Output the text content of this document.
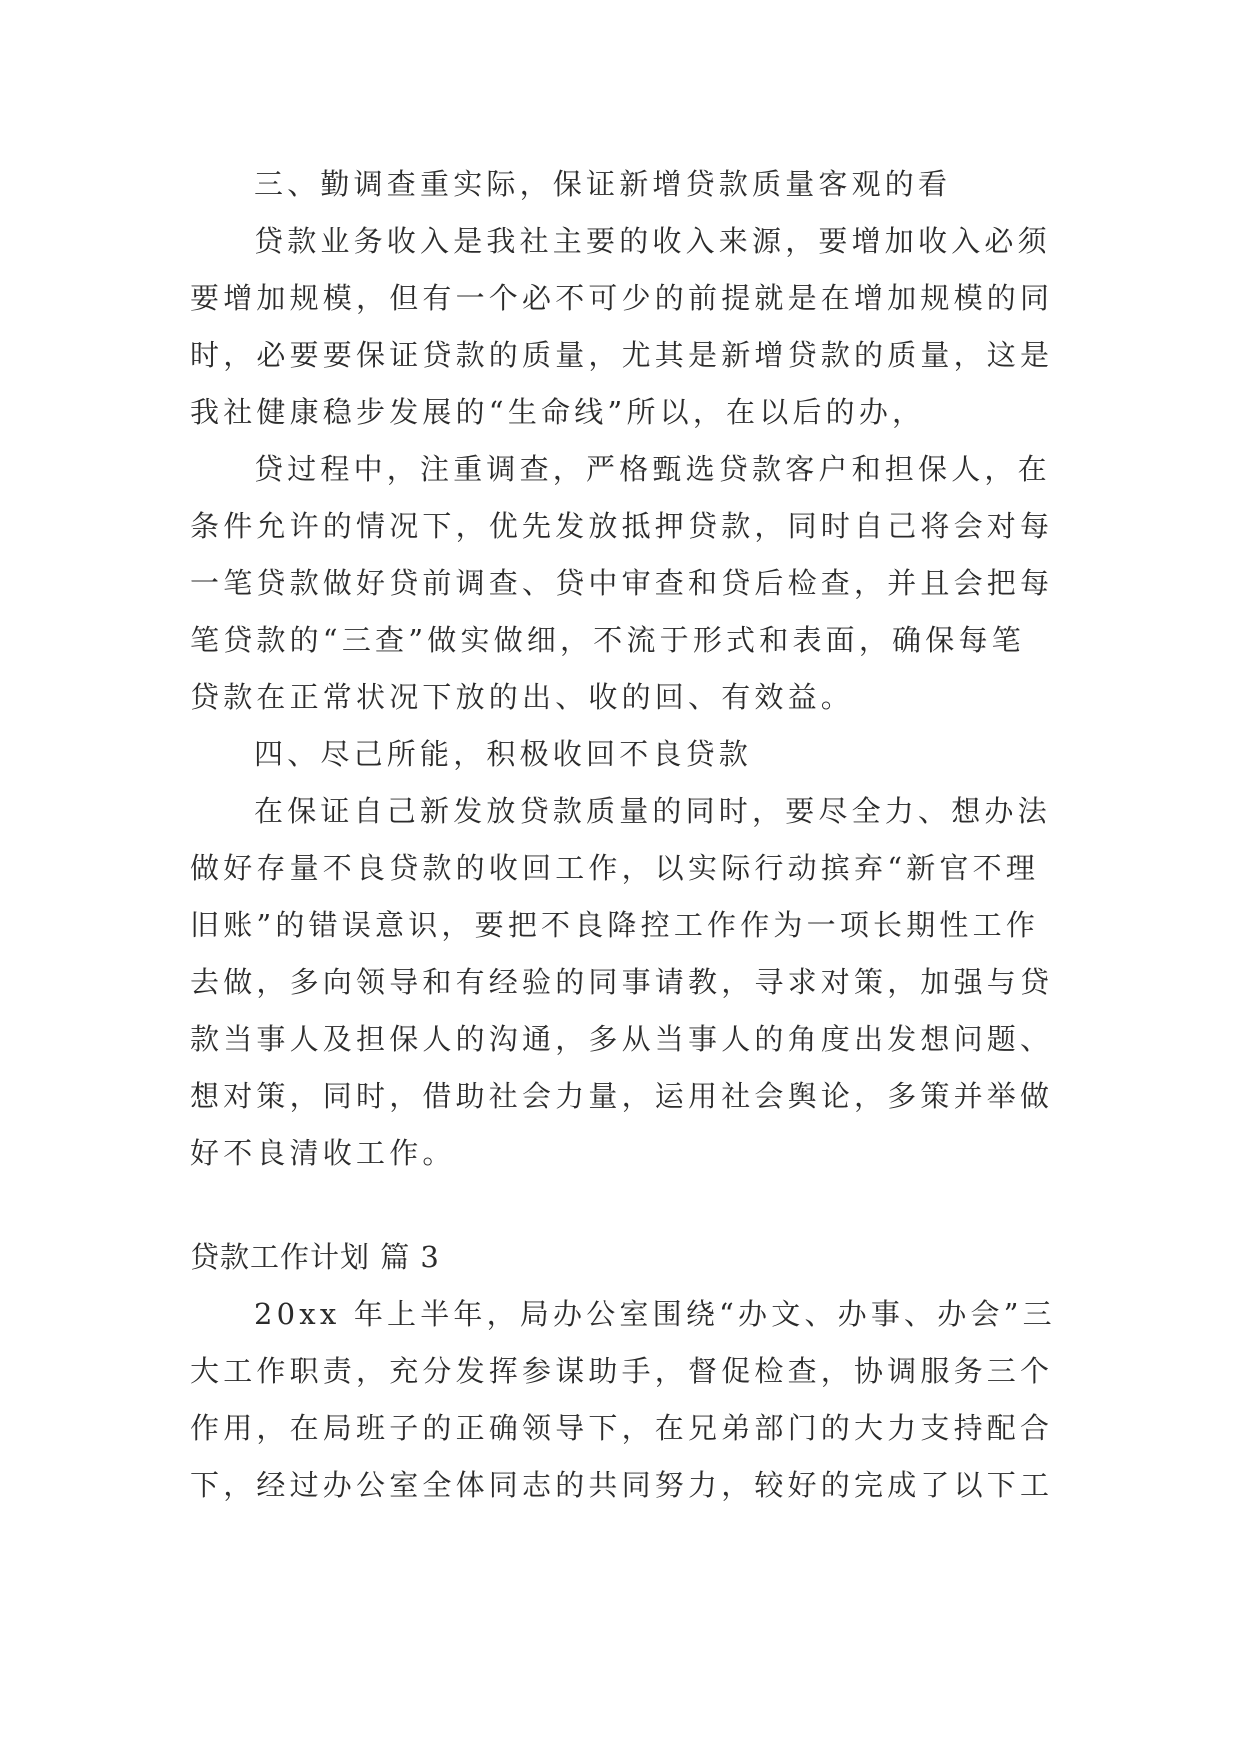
三、勤调查重实际，保证新增贷款质量客观的看
贷款业务收入是我社主要的收入来源，要增加收入必须
要增加规模，但有一个必不可少的前提就是在增加规模的同
时，必要要保证贷款的质量，尤其是新增贷款的质量，这是
我社健康稳步发展的“生命线”所以，在以后的办，
贷过程中，注重调查，严格甄选贷款客户和担保人，在
条件允许的情况下，优先发放抵押贷款，同时自己将会对每
一笔贷款做好贷前调查、贷中审查和贷后检查，并且会把每
笔贷款的“三查”做实做细，不流于形式和表面，确保每笔
贷款在正常状况下放的出、收的回、有效益。
四、尽己所能，积极收回不良贷款
在保证自己新发放贷款质量的同时，要尽全力、想办法
做好存量不良贷款的收回工作，以实际行动摈弃“新官不理
旧账”的错误意识，要把不良降控工作作为一项长期性工作
去做，多向领导和有经验的同事请教，寻求对策，加强与贷
款当事人及担保人的沟通，多从当事人的角度出发想问题、
想对策，同时，借助社会力量，运用社会舆论，多策并举做
好不良清收工作。
贷款工作计划 篇 3
20xx 年上半年，局办公室围绕“办文、办事、办会”三
大工作职责，充分发挥参谋助手，督促检查，协调服务三个
作用，在局班子的正确领导下，在兄弟部门的大力支持配合
下，经过办公室全体同志的共同努力，较好的完成了以下工
